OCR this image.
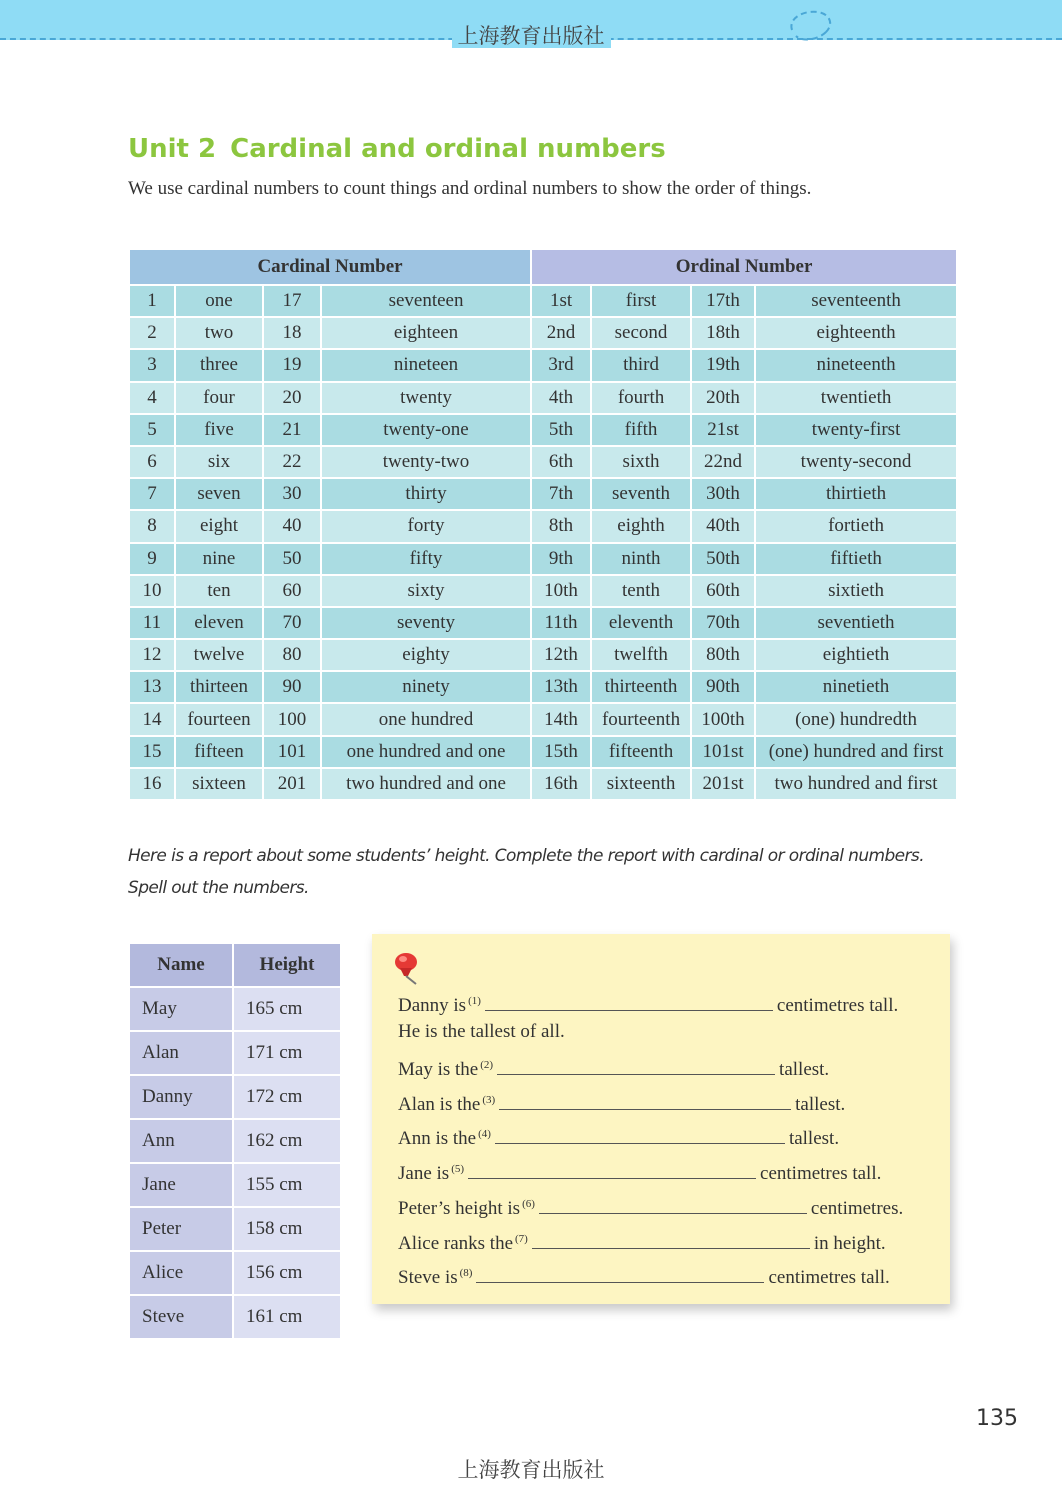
上海教育出版社
Unit 2 Cardinal and ordinal numbers
We use cardinal numbers to count things and ordinal numbers to show the order of things.
Cardinal Number				Ordinal Number			
1	one	17	seventeen	1st	first	17th	seventeenth
2	two	18	eighteen	2nd	second	18th	eighteenth
3	three	19	nineteen	3rd	third	19th	nineteenth
4	four	20	twenty	4th	fourth	20th	twentieth
5	five	21	twenty-one	5th	fifth	21st	twenty-first
6	six	22	twenty-two	6th	sixth	22nd	twenty-second
7	seven	30	thirty	7th	seventh	30th	thirtieth
8	eight	40	forty	8th	eighth	40th	fortieth
9	nine	50	fifty	9th	ninth	50th	fiftieth
10	ten	60	sixty	10th	tenth	60th	sixtieth
11	eleven	70	seventy	11th	eleventh	70th	seventieth
12	twelve	80	eighty	12th	twelfth	80th	eightieth
13	thirteen	90	ninety	13th	thirteenth	90th	ninetieth
14	fourteen	100	one hundred	14th	fourteenth	100th	(one) hundredth
15	fifteen	101	one hundred and one	15th	fifteenth	101st	(one) hundred and first
16	sixteen	201	two hundred and one	16th	sixteenth	201st	two hundred and first
Here is a report about some students’ height. Complete the report with cardinal or ordinal numbers. Spell out the numbers.
Name	Height
May	165 cm
Alan	171 cm
Danny	172 cm
Ann	162 cm
Jane	155 cm
Peter	158 cm
Alice	156 cm
Steve	161 cm
Danny is $^{(1)}$	centimetres tall.
He is the tallest of all.
May is the $^{(2)}$	tallest.
Alan is the $^{(3)}$	tallest.
Ann is the $^{(4)}$	tallest.
Jane is $^{(5)}$	centimetres tall.
Peter’s height is $^{(6)}$	centimetres.
Alice ranks the $^{(7)}$	in height.
Steve is $^{(8)}$	centimetres tall.
135
上海教育出版社
